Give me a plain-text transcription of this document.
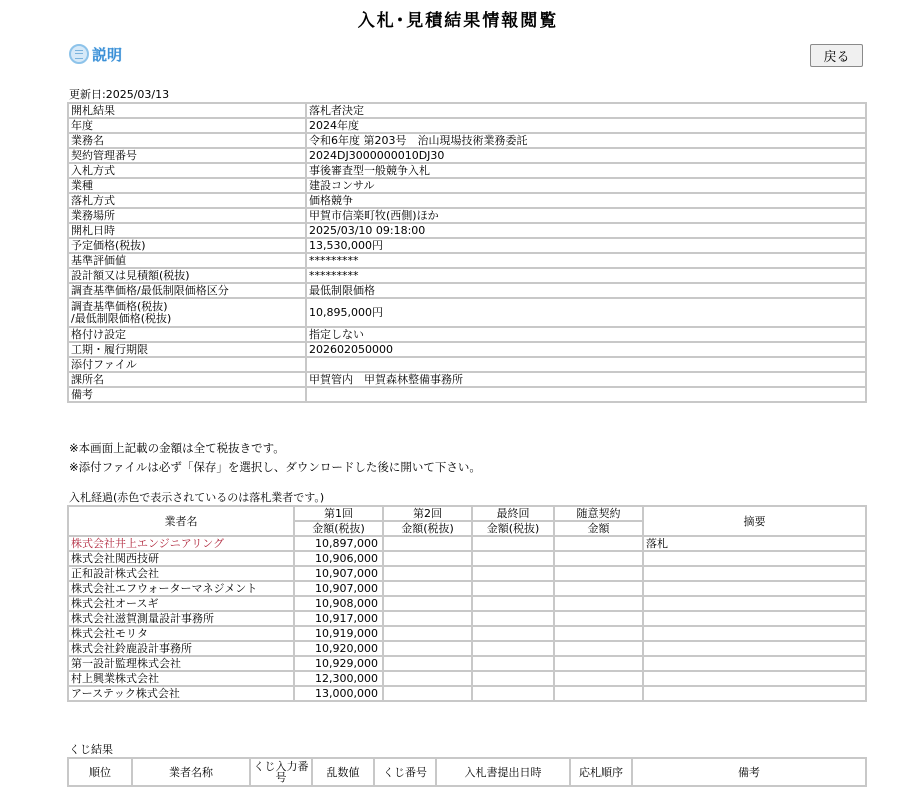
入札･見積結果情報閲覧
説明	戻る
更新日:2025/03/13
開札結果	落札者決定
年度	2024年度
業務名	令和6年度 第203号　治山現場技術業務委託
契約管理番号	2024DJ3000000010DJ30
入札方式	事後審査型一般競争入札
業種	建設コンサル
落札方式	価格競争
業務場所	甲賀市信楽町牧(西側)ほか
開札日時	2025/03/10 09:18:00
予定価格(税抜)	13,530,000円
基準評価値	*********
設計額又は見積額(税抜)	*********
調査基準価格/最低制限価格区分	最低制限価格
調査基準価格(税抜)
/最低制限価格(税抜)	10,895,000円
格付け設定	指定しない
工期・履行期限	202602050000
添付ファイル	
課所名	甲賀管内　甲賀森林整備事務所
備考	
※本画面上記載の金額は全て税抜きです。
※添付ファイルは必ず「保存」を選択し、ダウンロードした後に開いて下さい。
入札経過(赤色で表示されているのは落札業者です。)
業者名	第1回	第2回	最終回	随意契約	摘要
	金額(税抜)	金額(税抜)	金額(税抜)	金額	
株式会社井上エンジニアリング	10,897,000				落札
株式会社関西技研	10,906,000				
正和設計株式会社	10,907,000				
株式会社エフウォーターマネジメント	10,907,000				
株式会社オースギ	10,908,000				
株式会社滋賀測量設計事務所	10,917,000				
株式会社モリタ	10,919,000				
株式会社鈴鹿設計事務所	10,920,000				
第一設計監理株式会社	10,929,000				
村上興業株式会社	12,300,000				
アーステック株式会社	13,000,000				
くじ結果
順位	業者名称	くじ入力番号	乱数値	くじ番号	入札書提出日時	応札順序	備考
